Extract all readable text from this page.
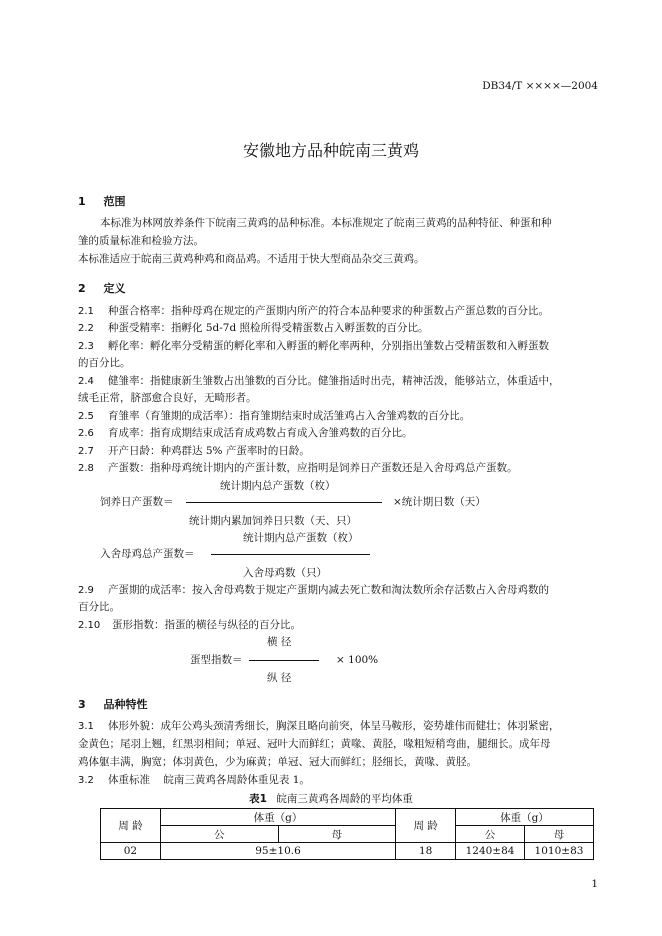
DB34/T ××××—2004
安徽地方品种皖南三黄鸡
1 范围
本标准为林网放养条件下皖南三黄鸡的品种标准。本标准规定了皖南三黄鸡的品种特征、种蛋和种
雏的质量标准和检验方法。
本标准适应于皖南三黄鸡种鸡和商品鸡。不适用于快大型商品杂交三黄鸡。
2 定义
2.1 种蛋合格率：指种母鸡在规定的产蛋期内所产的符合本品种要求的种蛋数占产蛋总数的百分比。
2.2 种蛋受精率：指孵化 5d-7d 照检所得受精蛋数占入孵蛋数的百分比。
2.3 孵化率：孵化率分受精蛋的孵化率和入孵蛋的孵化率两种，分别指出雏数占受精蛋数和入孵蛋数
的百分比。
2.4 健雏率：指健康新生雏数占出雏数的百分比。健雏指适时出壳，精神活泼，能够站立，体重适中，
绒毛正常，脐部愈合良好，无畸形者。
2.5 育雏率（育雏期的成活率）：指育雏期结束时成活雏鸡占入舍雏鸡数的百分比。
2.6 育成率：指育成期结束成活育成鸡数占育成入舍雏鸡数的百分比。
2.7 开产日龄：种鸡群达 5% 产蛋率时的日龄。
2.8 产蛋数：指种母鸡统计期内的产蛋计数，应指明是饲养日产蛋数还是入舍母鸡总产蛋数。
统计期内总产蛋数（枚）
饲养日产蛋数＝	×统计期日数（天）
统计期内累加饲养日只数（天、只）
统计期内总产蛋数（枚）
入舍母鸡总产蛋数＝
入舍母鸡数（只）
2.9 产蛋期的成活率：按入舍母鸡数于规定产蛋期内减去死亡数和淘汰数所余存活数占入舍母鸡数的
百分比。
2.10 蛋形指数：指蛋的横径与纵径的百分比。
横 径
蛋型指数＝	× 100%
纵 径
3 品种特性
3.1 体形外貌：成年公鸡头颈清秀细长，胸深且略向前突，体呈马鞍形，姿势雄伟而健壮；体羽紧密，
金黄色；尾羽上翘，红黑羽相间；单冠、冠叶大而鲜红；黄喙、黄胫，喙粗短稍弯曲，腿细长。成年母
鸡体躯丰满，胸宽；体羽黄色，少为麻黄；单冠、冠大而鲜红；胫细长，黄喙、黄胫。
3.2 体重标准    皖南三黄鸡各周龄体重见表 1。
表1 皖南三黄鸡各周龄的平均体重
周 龄	体重（g）		周 龄	体重（g）	
	公	母		公	母
02	95±10.6		18	1240±84	1010±83
1
